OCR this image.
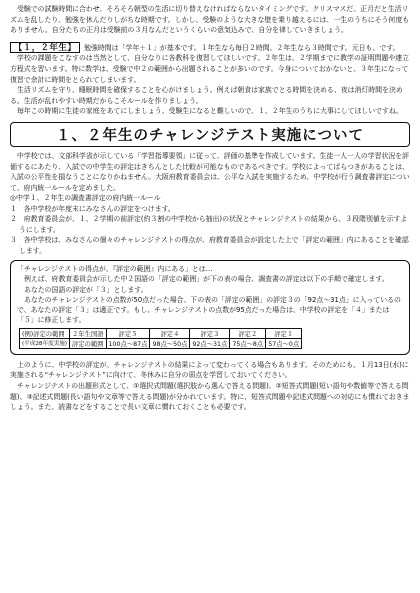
受験での試験時間に合わせ、そろそろ朝型の生活に切り替えなければならないタイミングです。クリスマスだ、正月だと生活リズムを乱したり、勉強を休んだりしがちな時期です。しかし、受験のような大きな壁を乗り越えるには、一生のうちにそう何度もありません。自分たちの正月は受験前の３月なんだというくらいの意気込みで、自分を律していきましょう。

【１，２年生】 勉強時間は「学年＋１」が基本です。１年生なら毎日２時間、２年生なら３時間です。元日も、です。

学校の課題をこなすのは当然として、自分なりに各教科を復習してほしいです。２年生は、２学期までに教学の証明問題や連立方程式を習います。特に数学は、受験で中２の範囲から出題されることが多いのです。今身についておかないと、３年生になって復習で余計に時間をとられてしまいます。

生活リズムを守り、睡眠時間を確保することを心がけましょう。例えば朝食は家族でとる時間を決める、夜は消灯時間を決める。生活が乱れやすい時期だからこそルールを作りましょう。

毎年この時期に生徒の家庭をあてにしましょう。受験生になると難しいので、１、２年生のうちに大事にしてほしいですね。

１、２年生のチャレンジテスト実施について

中学校では、文部科学省が示している「学習指導要領」に従って、評価の基準を作成しています。生徒一人一人の学習状況を評価するにあたり、入試での中学生の評定はきちんとした比較が可能なものであるべきです。学校によってばらつきがあることは、入試の公平性を損なうことになりかねません。大阪府教育委員会は、公平な入試を実施するため、中学校が行う調査書評定について、府内統一ルールを定めました。

◎中学１、２年生の調査書評定の府内統一ルール

１　各中学校が年度末にみなさんの評定をつけます。
２　府教育委員会が、１、２学期の前評定(約３割の中学校から抽出)の状況とチャレンジテストの結果から、３段階別値を示すようにします。
３　各中学校は、みなさんの個々のチャレンジテストの得点が、府教育委員会が設定した上で「評定の範囲」内にあることを確認します。

「チャレンジテストの得点が、『評定の範囲』内にある」とは…

例えば、府教育委員会が示した中２国語の「評定の範囲」が下の表の場合、調査書の評定は以下の手順で確定します。

あなたの国語の評定が「３」とします。

あなたのチャレンジテストの点数が50点だった場合、下の表の「評定の範囲」の評定３の「92点〜31点」に入っているので、あなたの評定「３」は適正です。もし、チャレンジテストの点数が95点だった場合は、中学校の評定を「４」または「５」に修正します。

(例)評定の範囲	２年生国語	評定５	評定４	評定３	評定２	評定１
(平成28年度実施)	評定の範囲	100点〜87点	98点〜50点	92点〜31点	75点〜8点	57点〜0点

上のように、中学校の評定が、チャレンジテストの結果によって変わってくる場合もあります。そのためにも、１月13日(水)に実施される“チャレンジテスト”に向けて、冬休みに自分の弱点を学習しておいてください。

チャレンジテストの出題形式として、①選択式問題(選択肢から選んで答える問題)、②短答式問題(短い語句や数値等で答える問題)、③記述式問題(長い語句や文章等で答える問題)が分かれています。特に、短答式問題や記述式問題への対応にも慣れておきましょう。また、読書などをすることで長い文章に慣れておくことも必要です。
